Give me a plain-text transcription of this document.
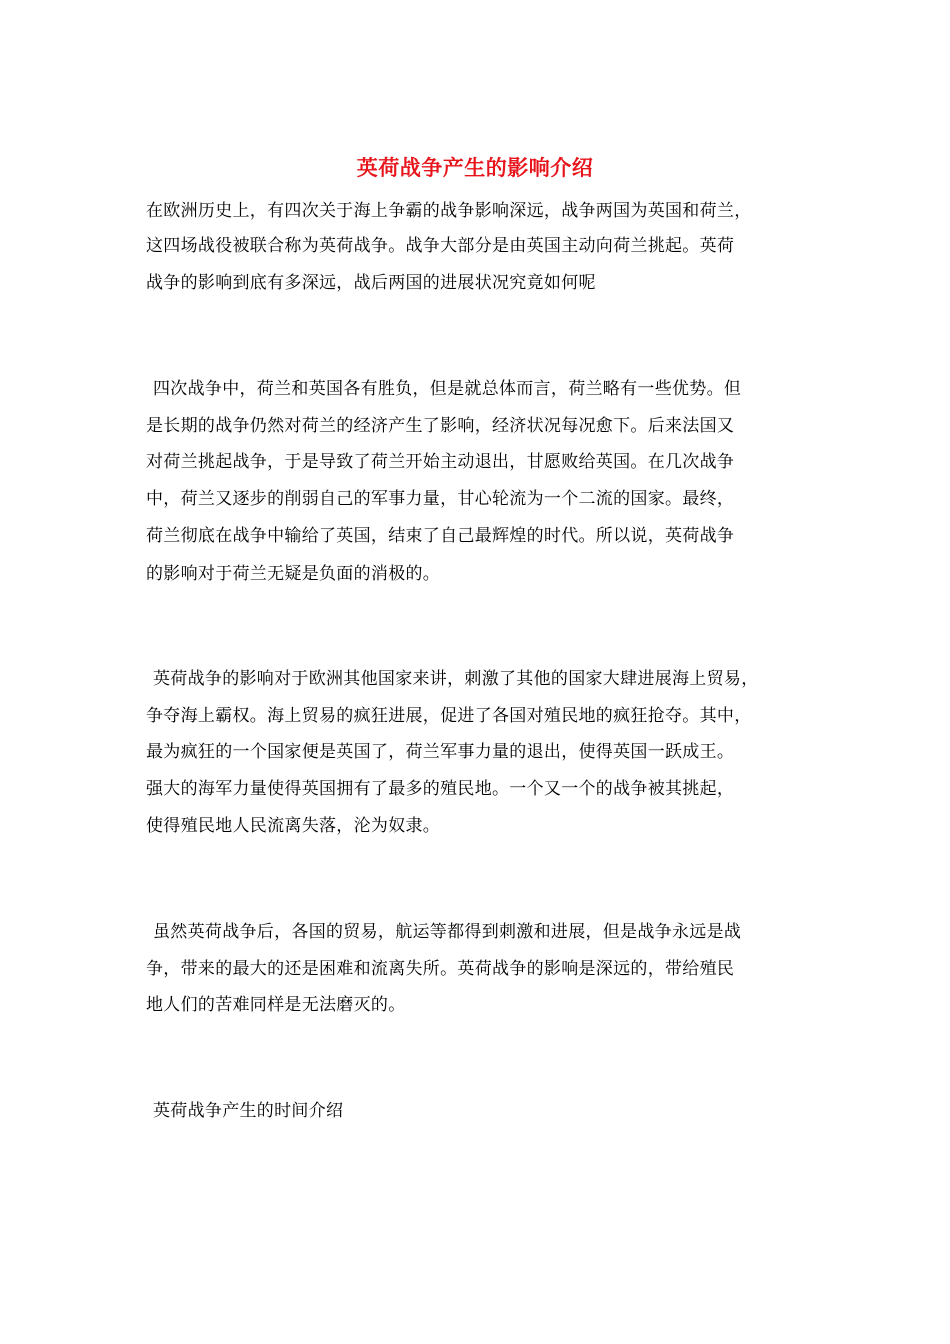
英荷战争产生的影响介绍
在欧洲历史上，有四次关于海上争霸的战争影响深远，战争两国为英国和荷兰，
这四场战役被联合称为英荷战争。战争大部分是由英国主动向荷兰挑起。英荷
战争的影响到底有多深远，战后两国的进展状况究竟如何呢
四次战争中，荷兰和英国各有胜负，但是就总体而言，荷兰略有一些优势。但
是长期的战争仍然对荷兰的经济产生了影响，经济状况每况愈下。后来法国又
对荷兰挑起战争，于是导致了荷兰开始主动退出，甘愿败给英国。在几次战争
中，荷兰又逐步的削弱自己的军事力量，甘心轮流为一个二流的国家。最终，
荷兰彻底在战争中输给了英国，结束了自己最辉煌的时代。所以说，英荷战争
的影响对于荷兰无疑是负面的消极的。
英荷战争的影响对于欧洲其他国家来讲，刺激了其他的国家大肆进展海上贸易，
争夺海上霸权。海上贸易的疯狂进展，促进了各国对殖民地的疯狂抢夺。其中，
最为疯狂的一个国家便是英国了，荷兰军事力量的退出，使得英国一跃成王。
强大的海军力量使得英国拥有了最多的殖民地。一个又一个的战争被其挑起，
使得殖民地人民流离失落，沦为奴隶。
虽然英荷战争后，各国的贸易，航运等都得到刺激和进展，但是战争永远是战
争，带来的最大的还是困难和流离失所。英荷战争的影响是深远的，带给殖民
地人们的苦难同样是无法磨灭的。
英荷战争产生的时间介绍
